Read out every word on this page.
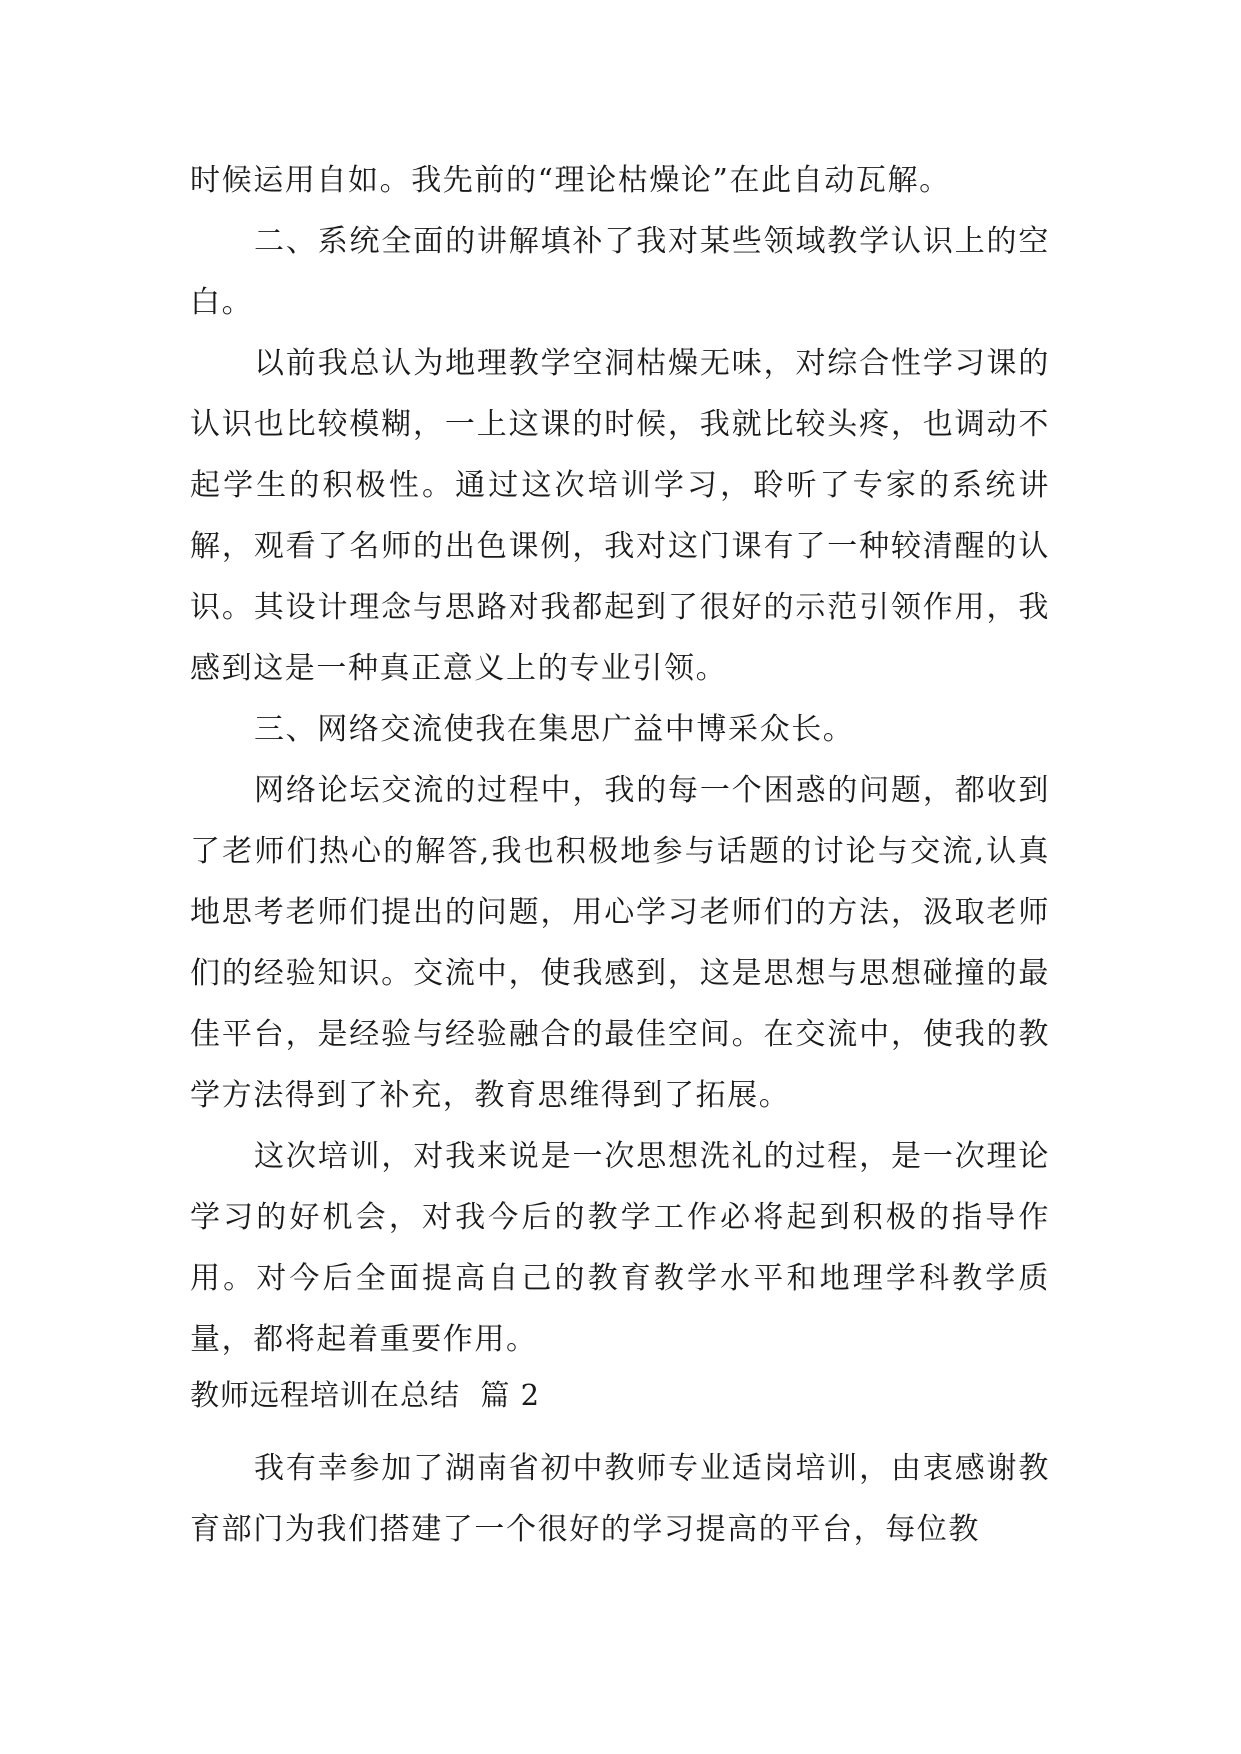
时候运用自如。我先前的“理论枯燥论”在此自动瓦解。

二、系统全面的讲解填补了我对某些领域教学认识上的空白。

以前我总认为地理教学空洞枯燥无味，对综合性学习课的认识也比较模糊，一上这课的时候，我就比较头疼，也调动不起学生的积极性。通过这次培训学习，聆听了专家的系统讲解，观看了名师的出色课例，我对这门课有了一种较清醒的认识。其设计理念与思路对我都起到了很好的示范引领作用，我感到这是一种真正意义上的专业引领。

三、网络交流使我在集思广益中博采众长。

网络论坛交流的过程中，我的每一个困惑的问题，都收到了老师们热心的解答,我也积极地参与话题的讨论与交流,认真地思考老师们提出的问题，用心学习老师们的方法，汲取老师们的经验知识。交流中，使我感到，这是思想与思想碰撞的最佳平台，是经验与经验融合的最佳空间。在交流中，使我的教学方法得到了补充，教育思维得到了拓展。

这次培训，对我来说是一次思想洗礼的过程，是一次理论学习的好机会，对我今后的教学工作必将起到积极的指导作用。对今后全面提高自己的教育教学水平和地理学科教学质量，都将起着重要作用。

教师远程培训在总结  篇 2

我有幸参加了湖南省初中教师专业适岗培训，由衷感谢教育部门为我们搭建了一个很好的学习提高的平台，每位教
